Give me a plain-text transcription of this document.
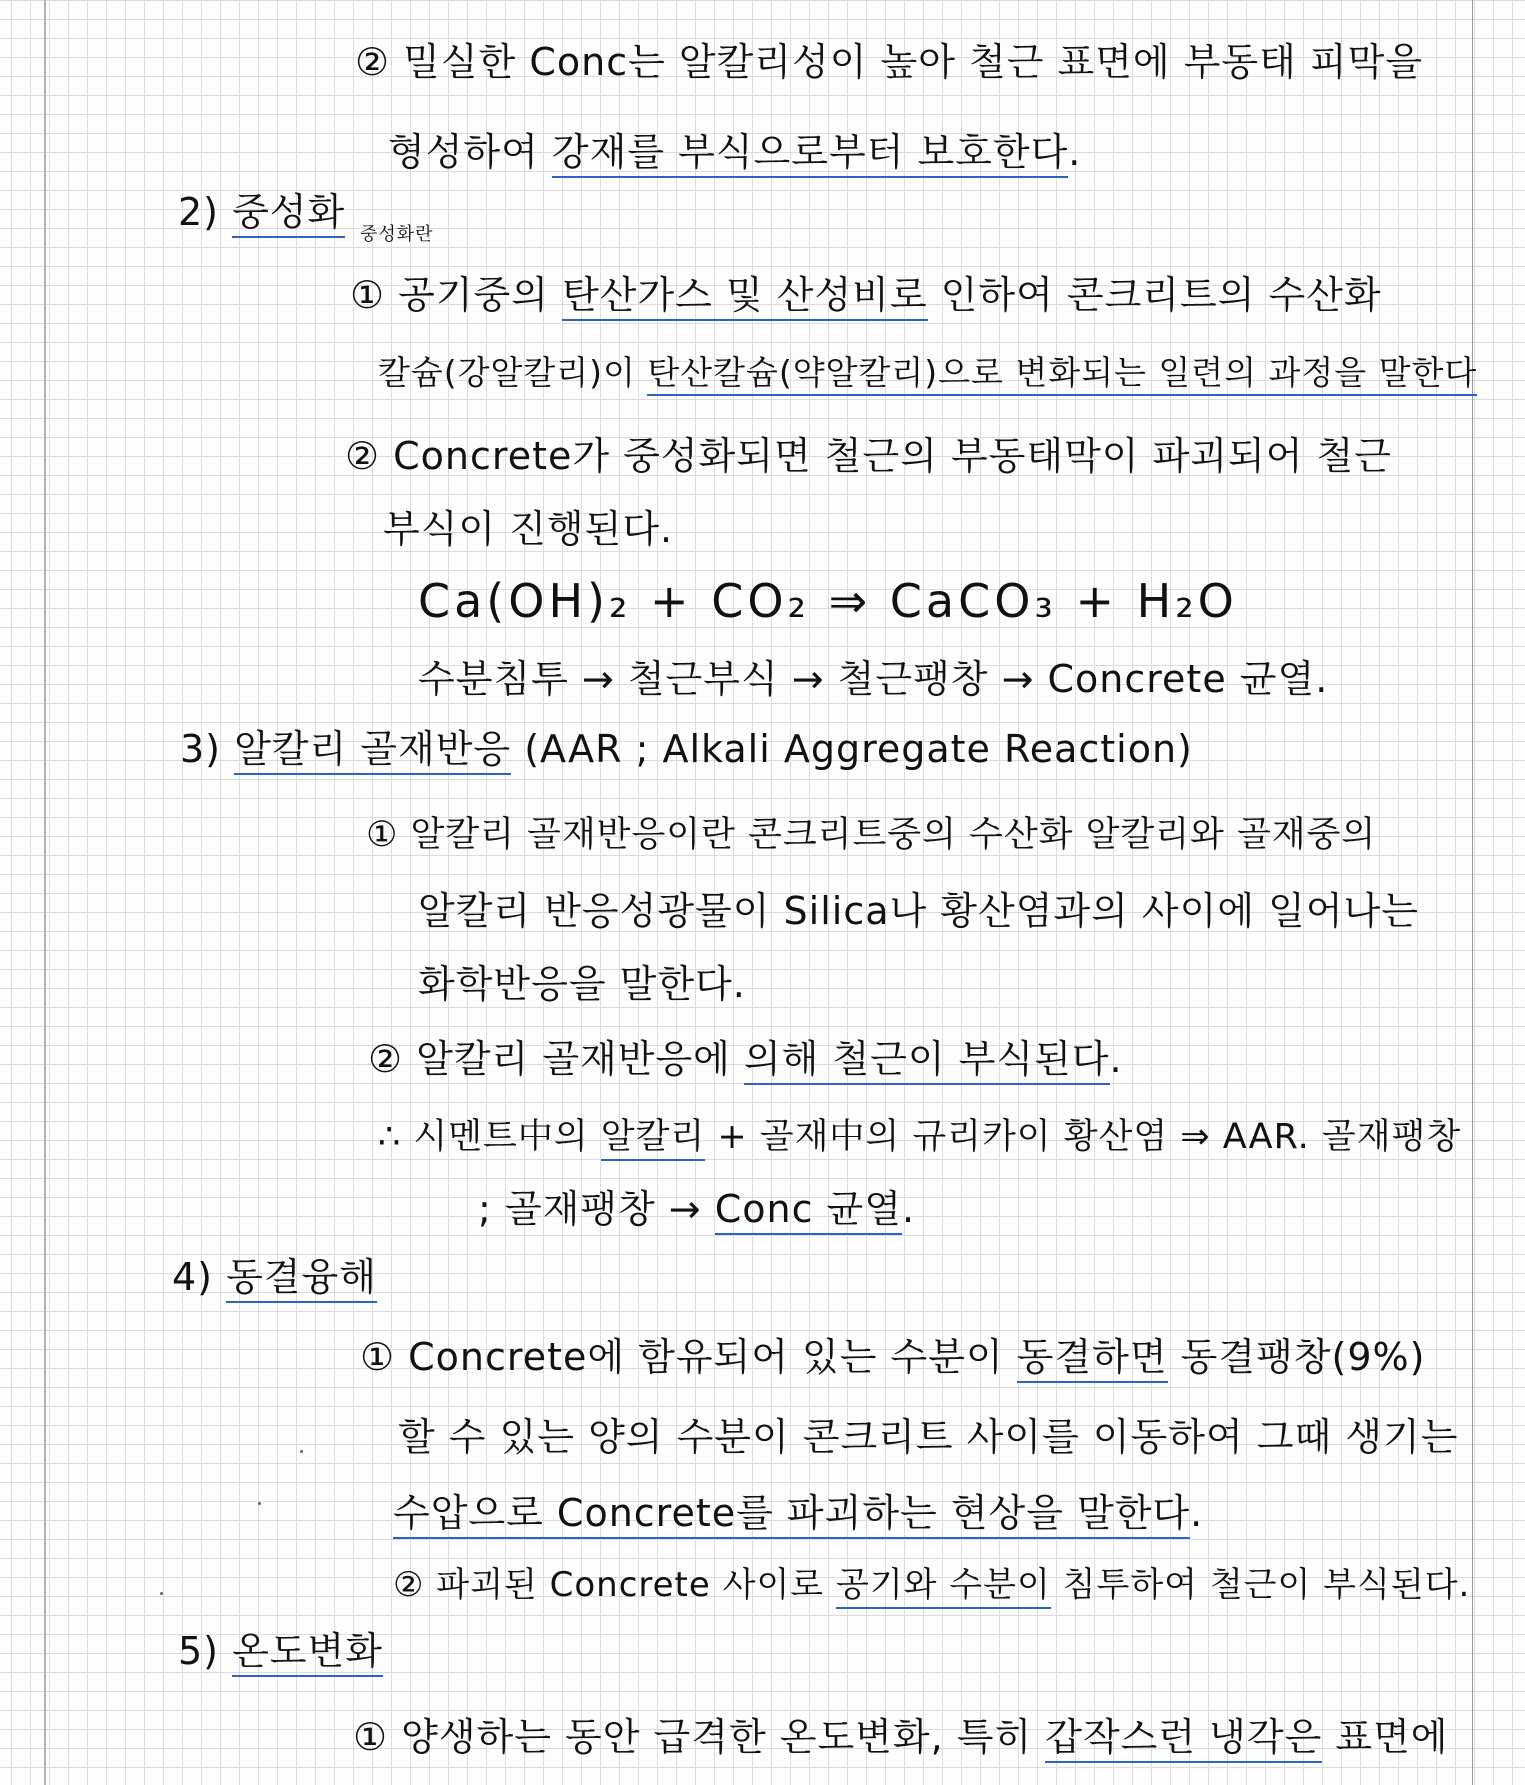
② 밀실한 Conc는 알칼리성이 높아 철근 표면에 부동태 피막을
형성하여 강재를 부식으로부터 보호한다.
2) 중성화
중성화란
① 공기중의 탄산가스 및 산성비로 인하여 콘크리트의 수산화
칼슘(강알칼리)이 탄산칼슘(약알칼리)으로 변화되는 일련의 과정을 말한다
② Concrete가 중성화되면 철근의 부동태막이 파괴되어 철근
부식이 진행된다.
Ca(OH)₂ + CO₂ ⇒ CaCO₃ + H₂O
수분침투 → 철근부식 → 철근팽창 → Concrete 균열.
3) 알칼리 골재반응 (AAR ; Alkali Aggregate Reaction)
① 알칼리 골재반응이란 콘크리트중의 수산화 알칼리와 골재중의
알칼리 반응성광물이 Silica나 황산염과의 사이에 일어나는
화학반응을 말한다.
② 알칼리 골재반응에 의해 철근이 부식된다.
∴ 시멘트中의 알칼리 + 골재中의 규리카이 황산염 ⇒ AAR. 골재팽창
; 골재팽창 → Conc 균열.
4) 동결융해
① Concrete에 함유되어 있는 수분이 동결하면 동결팽창(9%)
할 수 있는 양의 수분이 콘크리트 사이를 이동하여 그때 생기는
수압으로 Concrete를 파괴하는 현상을 말한다.
② 파괴된 Concrete 사이로 공기와 수분이 침투하여 철근이 부식된다.
5) 온도변화
① 양생하는 동안 급격한 온도변화, 특히 갑작스런 냉각은 표면에
